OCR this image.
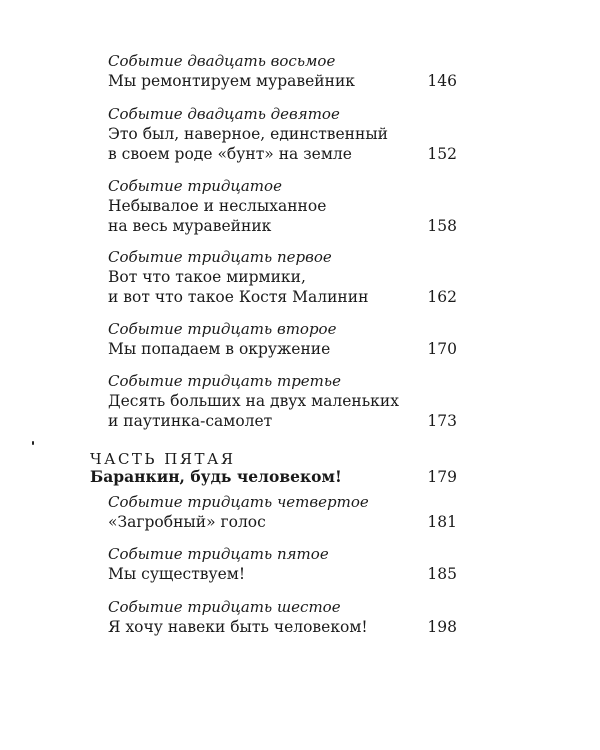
Событие двадцать восьмое
Мы ремонтируем муравейник	146
Событие двадцать девятое
Это был, наверное, единственный
в своем роде «бунт» на земле	152
Событие тридцатое
Небывалое и неслыханное
на весь муравейник	158
Событие тридцать первое
Вот что такое мирмики,
и вот что такое Костя Малинин	162
Событие тридцать второе
Мы попадаем в окружение	170
Событие тридцать третье
Десять больших на двух маленьких
и паутинка-самолет	173
ЧАСТЬ ПЯТАЯ
Баранкин, будь человеком!	179
Событие тридцать четвертое
«Загробный» голос	181
Событие тридцать пятое
Мы существуем!	185
Событие тридцать шестое
Я хочу навеки быть человеком!	198
